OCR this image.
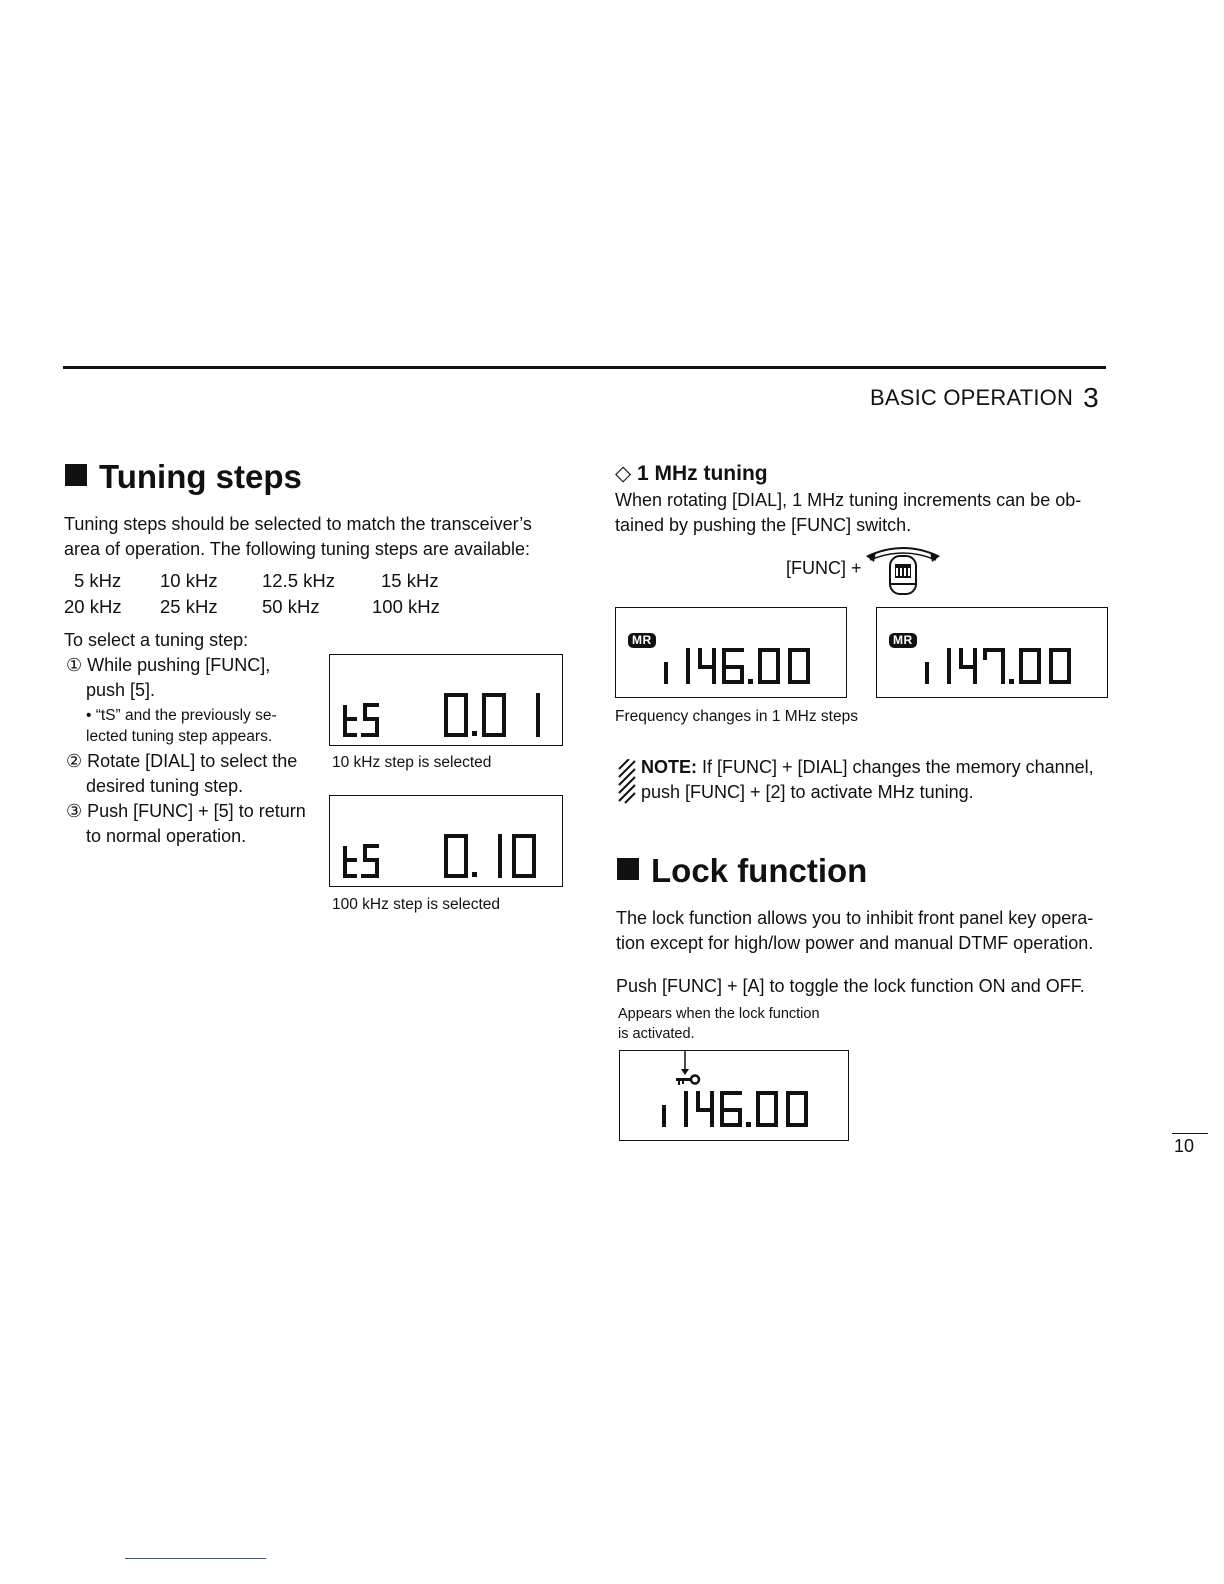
BASIC OPERATION 3
Tuning steps
Tuning steps should be selected to match the transceiver’s
area of operation. The following tuning steps are available:
5 kHz 10 kHz 12.5 kHz 15 kHz
20 kHz 25 kHz 50 kHz	100 kHz
To select a tuning step:
① While pushing [FUNC],
push [5].
• “tS” and the previously se-
lected tuning step appears.
② Rotate [DIAL] to select the
desired tuning step.
③ Push [FUNC] + [5] to return
to normal operation.
10 kHz step is selected
100 kHz step is selected
◇ 1 MHz tuning
When rotating [DIAL], 1 MHz tuning increments can be ob-
tained by pushing the [FUNC] switch.
[FUNC] +
MR	MR
Frequency changes in 1 MHz steps
NOTE: If [FUNC] + [DIAL] changes the memory channel,
push [FUNC] + [2] to activate MHz tuning.
Lock function
The lock function allows you to inhibit front panel key opera-
tion except for high/low power and manual DTMF operation.
Push [FUNC] + [A] to toggle the lock function ON and OFF.
Appears when the lock function
is activated.
10
